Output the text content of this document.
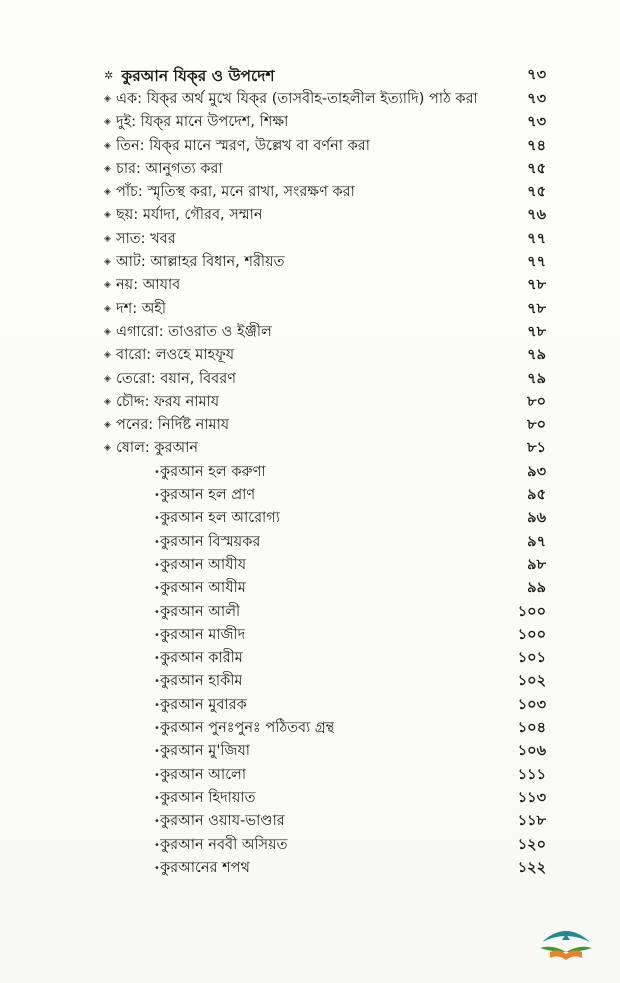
✲ কুরআন যিক্‌র ও উপদেশ	৭৩
◈ এক: যিক্‌র অর্থ মুখে যিক্‌র (তাসবীহ-তাহলীল ইত্যাদি) পাঠ করা	৭৩
◈ দুই: যিক্‌র মানে উপদেশ, শিক্ষা	৭৩
◈ তিন: যিক্‌র মানে স্মরণ, উল্লেখ বা বর্ণনা করা	৭৪
◈ চার: আনুগত্য করা	৭৫
◈ পাঁচ: স্মৃতিস্থ করা, মনে রাখা, সংরক্ষণ করা	৭৫
◈ ছয়: মর্যাদা, গৌরব, সম্মান	৭৬
◈ সাত: খবর	৭৭
◈ আট: আল্লাহর বিধান, শরীয়ত	৭৭
◈ নয়: আযাব	৭৮
◈ দশ: অহী	৭৮
◈ এগারো: তাওরাত ও ইঞ্জীল	৭৮
◈ বারো: লওহে মাহফূয	৭৯
◈ তেরো: বয়ান, বিবরণ	৭৯
◈ চৌদ্দ: ফরয নামায	৮০
◈ পনের: নির্দিষ্ট নামায	৮০
◈ ষোল: কুরআন	৮১
•কুরআন হল করুণা	৯৩
•কুরআন হল প্রাণ	৯৫
•কুরআন হল আরোগ্য	৯৬
•কুরআন বিস্ময়কর	৯৭
•কুরআন আযীয	৯৮
•কুরআন আযীম	৯৯
•কুরআন আলী	১০০
•কুরআন মাজীদ	১০০
•কুরআন কারীম	১০১
•কুরআন হাকীম	১০২
•কুরআন মুবারক	১০৩
•কুরআন পুনঃপুনঃ পঠিতব্য গ্রন্থ	১০৪
•কুরআন মু'জিযা	১০৬
•কুরআন আলো	১১১
•কুরআন হিদায়াত	১১৩
•কুরআন ওয়ায-ভাণ্ডার	১১৮
•কুরআন নববী অসিয়ত	১২০
•কুরআনের শপথ	১২২
